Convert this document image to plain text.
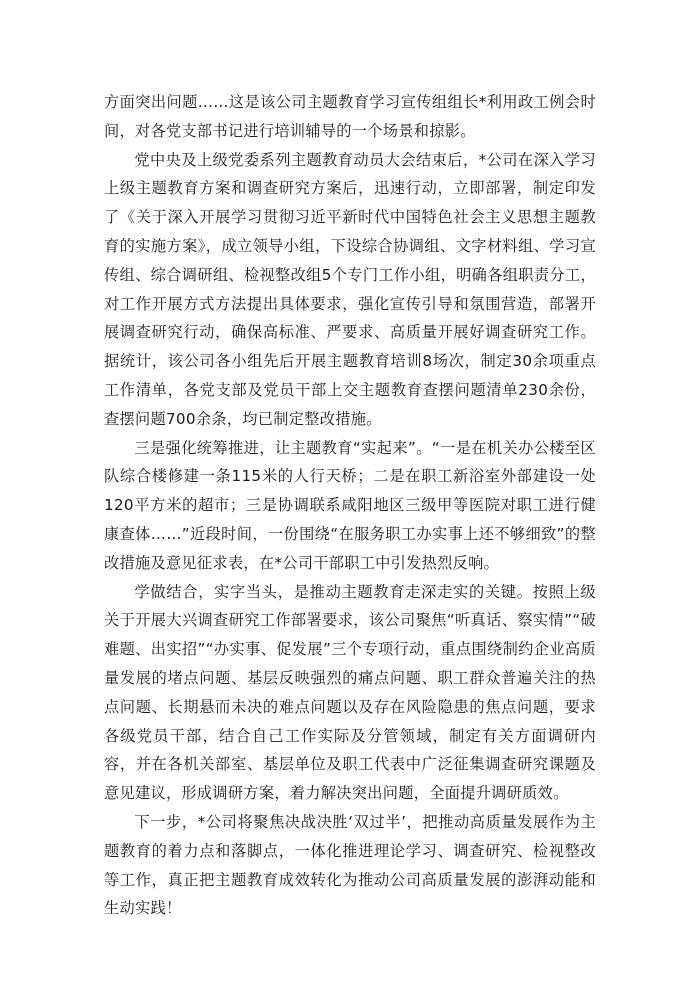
方面突出问题……这是该公司主题教育学习宣传组组长*利用政工例会时间，对各党支部书记进行培训辅导的一个场景和掠影。

党中央及上级党委系列主题教育动员大会结束后，*公司在深入学习上级主题教育方案和调查研究方案后，迅速行动，立即部署，制定印发了《关于深入开展学习贯彻习近平新时代中国特色社会主义思想主题教育的实施方案》，成立领导小组，下设综合协调组、文字材料组、学习宣传组、综合调研组、检视整改组5个专门工作小组，明确各组职责分工，对工作开展方式方法提出具体要求，强化宣传引导和氛围营造，部署开展调查研究行动，确保高标准、严要求、高质量开展好调查研究工作。据统计，该公司各小组先后开展主题教育培训8场次，制定30余项重点工作清单，各党支部及党员干部上交主题教育查摆问题清单230余份，查摆问题700余条，均已制定整改措施。

三是强化统筹推进，让主题教育“实起来”。“一是在机关办公楼至区队综合楼修建一条115米的人行天桥；二是在职工新浴室外部建设一处120平方米的超市；三是协调联系咸阳地区三级甲等医院对职工进行健康查体……”近段时间，一份围绕“在服务职工办实事上还不够细致”的整改措施及意见征求表，在*公司干部职工中引发热烈反响。

学做结合，实字当头，是推动主题教育走深走实的关键。按照上级关于开展大兴调查研究工作部署要求，该公司聚焦“听真话、察实情”“破难题、出实招”“办实事、促发展”三个专项行动，重点围绕制约企业高质量发展的堵点问题、基层反映强烈的痛点问题、职工群众普遍关注的热点问题、长期悬而未决的难点问题以及存在风险隐患的焦点问题，要求各级党员干部，结合自己工作实际及分管领域，制定有关方面调研内容，并在各机关部室、基层单位及职工代表中广泛征集调查研究课题及意见建议，形成调研方案，着力解决突出问题，全面提升调研质效。

下一步，*公司将聚焦决战决胜‘双过半’，把推动高质量发展作为主题教育的着力点和落脚点，一体化推进理论学习、调查研究、检视整改等工作，真正把主题教育成效转化为推动公司高质量发展的澎湃动能和生动实践！
